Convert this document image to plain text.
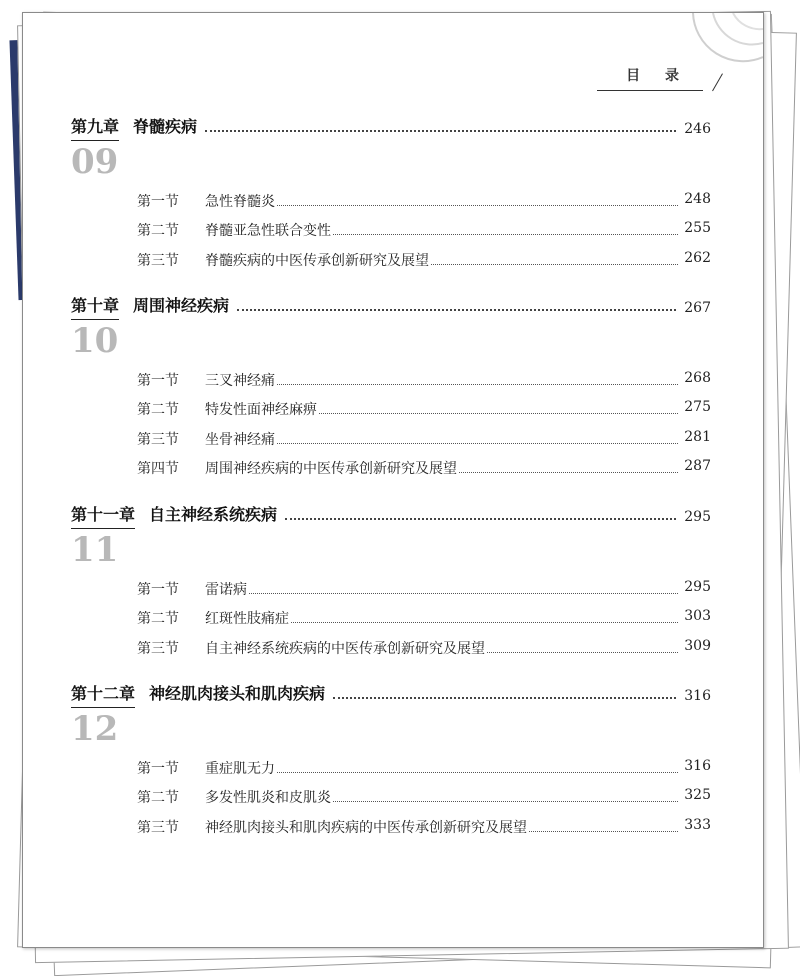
目 录
第九章 脊髓疾病	246
09
第一节	急性脊髓炎	248
第二节	脊髓亚急性联合变性	255
第三节	脊髓疾病的中医传承创新研究及展望	262
第十章 周围神经疾病	267
10
第一节	三叉神经痛	268
第二节	特发性面神经麻痹	275
第三节	坐骨神经痛	281
第四节	周围神经疾病的中医传承创新研究及展望	287
第十一章 自主神经系统疾病	295
11
第一节	雷诺病	295
第二节	红斑性肢痛症	303
第三节	自主神经系统疾病的中医传承创新研究及展望	309
第十二章 神经肌肉接头和肌肉疾病	316
12
第一节	重症肌无力	316
第二节	多发性肌炎和皮肌炎	325
第三节	神经肌肉接头和肌肉疾病的中医传承创新研究及展望	333
